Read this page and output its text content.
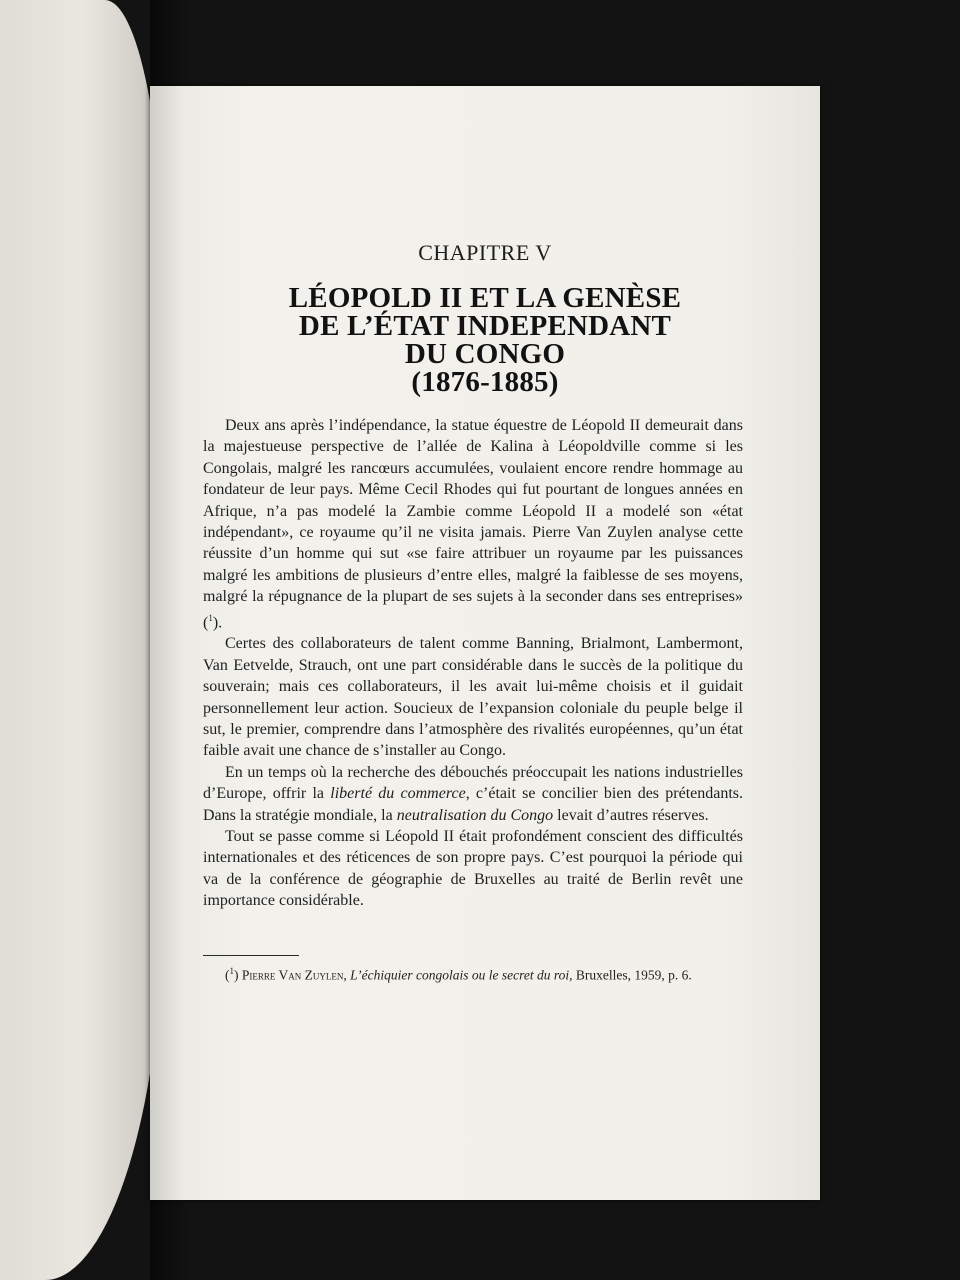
CHAPITRE V
LÉOPOLD II ET LA GENÈSE
DE L’ÉTAT INDEPENDANT
DU CONGO
(1876-1885)

Deux ans après l’indépendance, la statue équestre de Léopold II demeurait dans la majestueuse perspective de l’allée de Kalina à Léopoldville comme si les Congolais, malgré les rancœurs accumulées, voulaient encore rendre hommage au fondateur de leur pays. Même Cecil Rhodes qui fut pourtant de longues années en Afrique, n’a pas modelé la Zambie comme Léopold II a modelé son «état indépendant», ce royaume qu’il ne visita jamais. Pierre Van Zuylen analyse cette réussite d’un homme qui sut «se faire attribuer un royaume par les puissances malgré les ambitions de plusieurs d’entre elles, malgré la faiblesse de ses moyens, malgré la répugnance de la plupart de ses sujets à la seconder dans ses entreprises» ($^1$).

Certes des collaborateurs de talent comme Banning, Brialmont, Lambermont, Van Eetvelde, Strauch, ont une part considérable dans le succès de la politique du souverain; mais ces collaborateurs, il les avait lui-même choisis et il guidait personnellement leur action. Soucieux de l’expansion coloniale du peuple belge il sut, le premier, comprendre dans l’atmosphère des rivalités européennes, qu’un état faible avait une chance de s’installer au Congo.

En un temps où la recherche des débouchés préoccupait les nations industrielles d’Europe, offrir la liberté du commerce, c’était se concilier bien des prétendants. Dans la stratégie mondiale, la neutralisation du Congo levait d’autres réserves.

Tout se passe comme si Léopold II était profondément conscient des difficultés internationales et des réticences de son propre pays. C’est pourquoi la période qui va de la conférence de géographie de Bruxelles au traité de Berlin revêt une importance considérable.

($^1$) Pierre Van Zuylen, L’échiquier congolais ou le secret du roi, Bruxelles, 1959, p. 6.
